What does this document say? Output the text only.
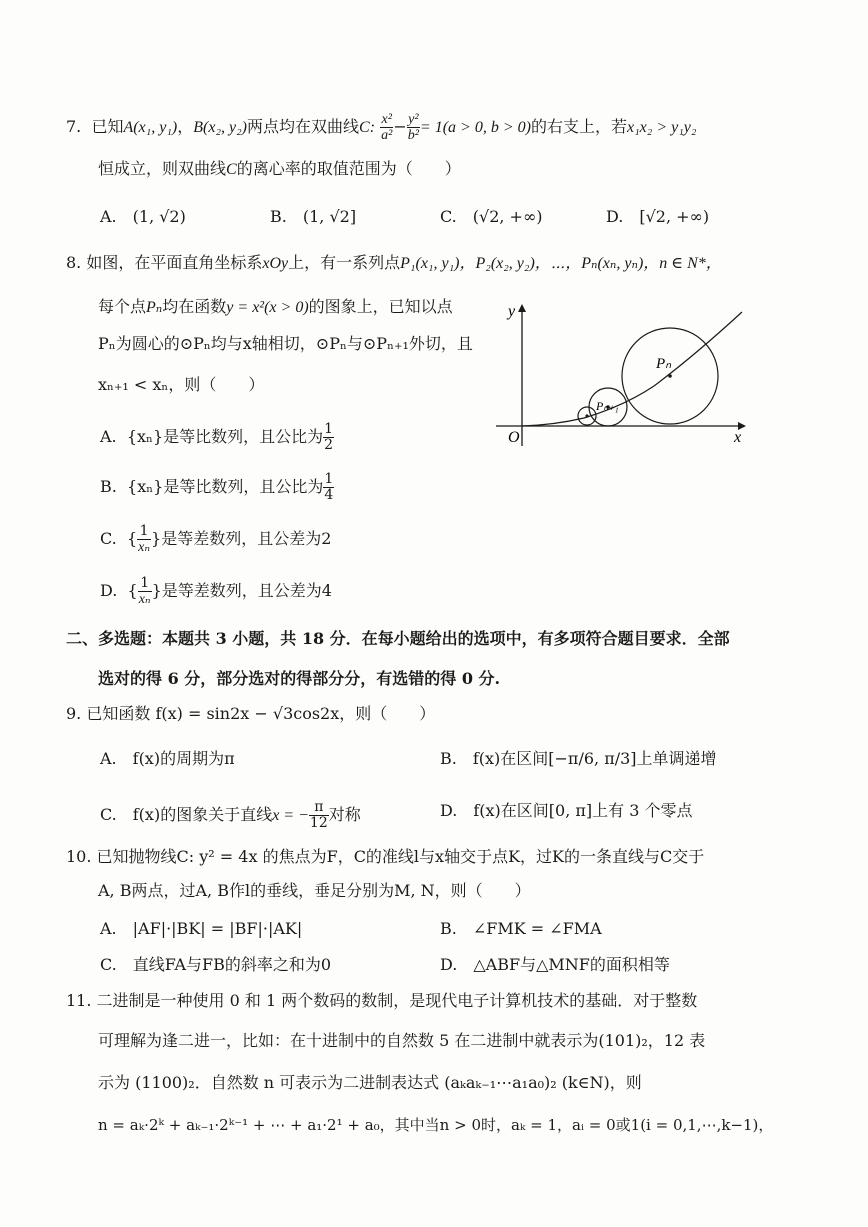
7. 已知A(x₁, y₁)，B(x₂, y₂)两点均在双曲线C: $\frac{\text{x²}}{\text{a²}} - \frac{\text{y²}}{\text{b²}} = 1(a > 0$, b > 0)的右支上，若x₁x₂ > y₁y₂
恒成立，则双曲线C的离心率的取值范围为（　　）
A.　(1, √2)	B.　(1, √2]	C.　(√2, +∞)	D.　[√2, +∞)
8. 如图，在平面直角坐标系xOy上，有一系列点P₁(x₁, y₁)，P₂(x₂, y₂)，⋯，Pₙ(xₙ, yₙ)，n ∈ N*，
每个点Pₙ均在函数y = x²(x > 0)的图象上，已知以点
Pₙ为圆心的⊙Pₙ均与x轴相切，⊙Pₙ与⊙Pₙ₊₁外切，且
xₙ₊₁ < xₙ，则（　　）
A. {xₙ}是等比数列，且公比为 $\frac{1}{2}$
B. {xₙ}是等比数列，且公比为 $\frac{1}{4}$
C.  { $\frac{1}{\text{xₙ}}$ }是等差数列，且公差为2
D.  { $\frac{1}{\text{xₙ}}$ }是等差数列，且公差为4
y
x
O
Pₙ
Pₙ₊₁
二、多选题：本题共 3 小题，共 18 分．在每小题给出的选项中，有多项符合题目要求．全部
选对的得 6 分，部分选对的得部分分，有选错的得 0 分.
9. 已知函数 f(x) = sin2x − √3cos2x，则（　　）
A.　f(x)的周期为π	B.　f(x)在区间[−π/6, π/3]上单调递增
C.　f(x)的图象关于直线x = − $\frac{\pi}{12}$ 对称	D.　f(x)在区间[0, π]上有 3 个零点
10. 已知抛物线C: y² = 4x 的焦点为F，C的准线l与x轴交于点K，过K的一条直线与C交于
A, B两点，过A, B作l的垂线，垂足分别为M, N，则（　　）
A.　|AF|·|BK| = |BF|·|AK|	B.　∠FMK = ∠FMA
C.　直线FA与FB的斜率之和为0	D.　△ABF与△MNF的面积相等
11. 二进制是一种使用 0 和 1 两个数码的数制，是现代电子计算机技术的基础．对于整数
可理解为逢二进一，比如：在十进制中的自然数 5 在二进制中就表示为(101)₂，12 表
示为 (1100)₂．自然数 n 可表示为二进制表达式 (aₖaₖ₋₁⋯a₁a₀)₂ (k∈N)，则
n = aₖ·2ᵏ + aₖ₋₁·2ᵏ⁻¹ + ⋯ + a₁·2¹ + a₀，其中当n > 0时，aₖ = 1，aᵢ = 0或1(i = 0,1,⋯,k−1)，
